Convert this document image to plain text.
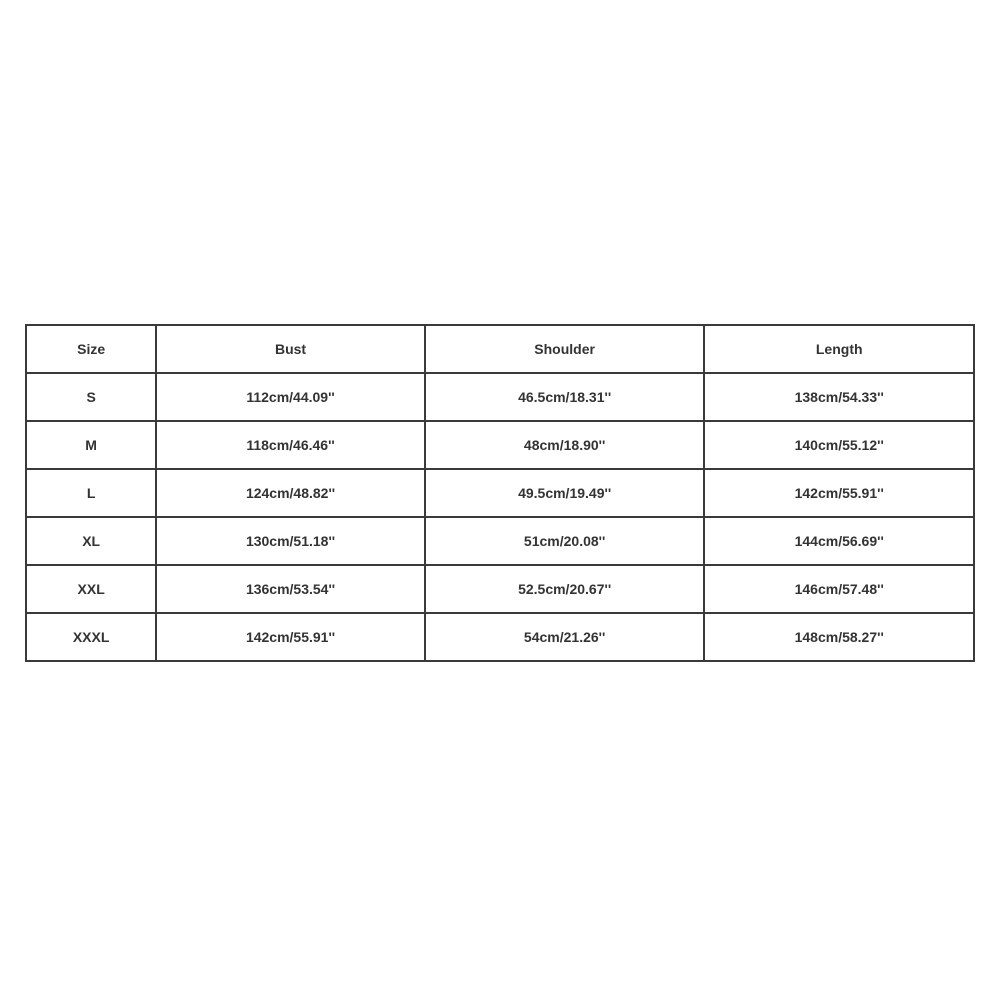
Size	Bust	Shoulder	Length
S	112cm/44.09''	46.5cm/18.31''	138cm/54.33''
M	118cm/46.46''	48cm/18.90''	140cm/55.12''
L	124cm/48.82''	49.5cm/19.49''	142cm/55.91''
XL	130cm/51.18''	51cm/20.08''	144cm/56.69''
XXL	136cm/53.54''	52.5cm/20.67''	146cm/57.48''
XXXL	142cm/55.91''	54cm/21.26''	148cm/58.27''
